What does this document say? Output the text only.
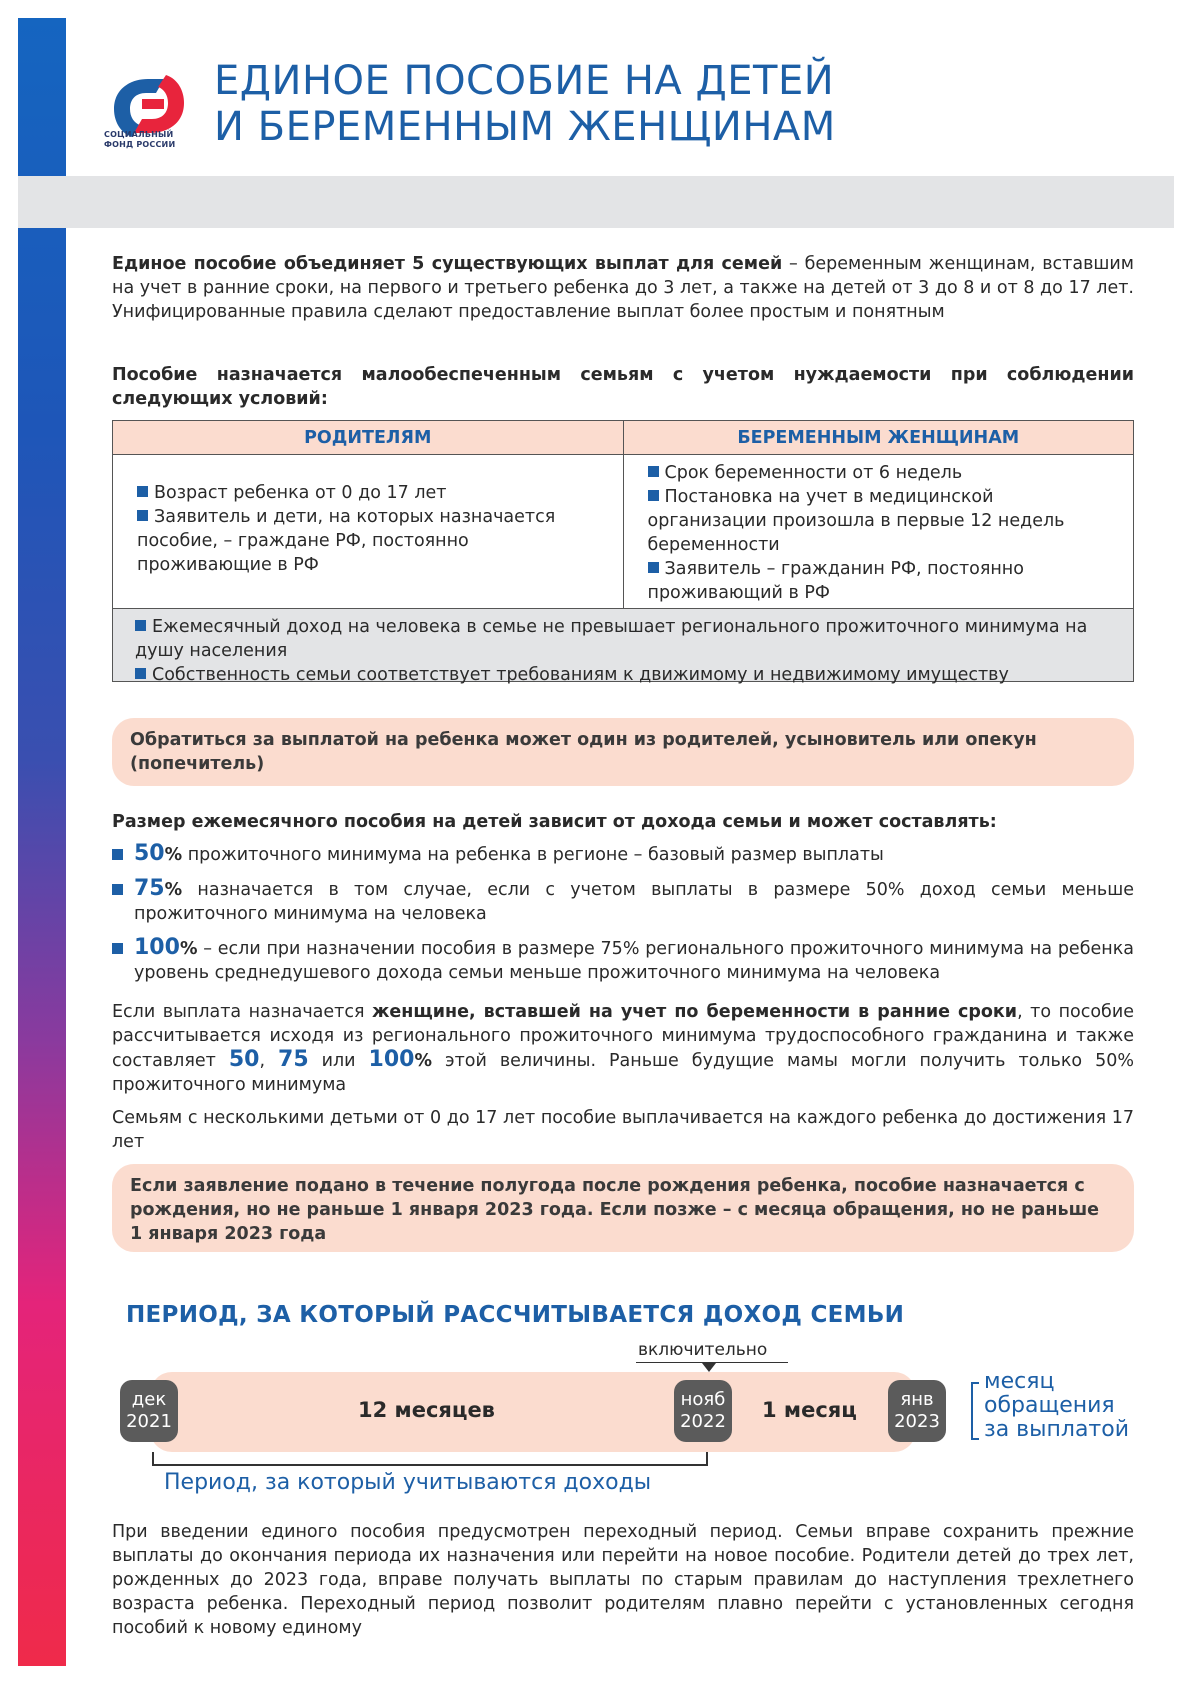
СОЦИАЛЬНЫЙ ФОНД РОССИИ
ЕДИНОЕ ПОСОБИЕ НА ДЕТЕЙ
И БЕРЕМЕННЫМ ЖЕНЩИНАМ
Единое пособие объединяет 5 существующих выплат для семей – беременным женщинам, вставшим на учет в ранние сроки, на первого и третьего ребенка до 3 лет, а также на детей от 3 до 8 и от 8 до 17 лет. Унифицированные правила сделают предоставление выплат более простым и понятным
Пособие назначается малообеспеченным семьям с учетом нуждаемости при соблюдении следующих условий:
РОДИТЕЛЯМ	БЕРЕМЕННЫМ ЖЕНЩИНАМ
Возраст ребенка от 0 до 17 лет
Заявитель и дети, на которых назначается пособие, – граждане РФ, постоянно проживающие в РФ
Срок беременности от 6 недель
Постановка на учет в медицинской организации произошла в первые 12 недель беременности
Заявитель – гражданин РФ, постоянно проживающий в РФ
Ежемесячный доход на человека в семье не превышает регионального прожиточного минимума на душу населения
Собственность семьи соответствует требованиям к движимому и недвижимому имуществу
Обратиться за выплатой на ребенка может один из родителей, усыновитель или опекун (попечитель)
Размер ежемесячного пособия на детей зависит от дохода семьи и может составлять:
50% прожиточного минимума на ребенка в регионе – базовый размер выплаты
75% назначается в том случае, если с учетом выплаты в размере 50% доход семьи меньше прожиточного минимума на человека
100% – если при назначении пособия в размере 75% регионального прожиточного минимума на ребенка уровень среднедушевого дохода семьи меньше прожиточного минимума на человека
Если выплата назначается женщине, вставшей на учет по беременности в ранние сроки, то пособие рассчитывается исходя из регионального прожиточного минимума трудоспособного гражданина и также составляет 50, 75 или 100% этой величины. Раньше будущие мамы могли получить только 50% прожиточного минимума
Семьям с несколькими детьми от 0 до 17 лет пособие выплачивается на каждого ребенка до достижения 17 лет
Если заявление подано в течение полугода после рождения ребенка, пособие назначается с рождения, но не раньше 1 января 2023 года. Если позже – с месяца обращения, но не раньше 1 января 2023 года
ПЕРИОД, ЗА КОТОРЫЙ РАССЧИТЫВАЕТСЯ ДОХОД СЕМЬИ
включительно
12 месяцев	1 месяц
дек
2021
нояб
2022
янв
2023
месяц
обращения
за выплатой
Период, за который учитываются доходы
При введении единого пособия предусмотрен переходный период. Семьи вправе сохранить прежние выплаты до окончания периода их назначения или перейти на новое пособие. Родители детей до трех лет, рожденных до 2023 года, вправе получать выплаты по старым правилам до наступления трехлетнего возраста ребенка. Переходный период позволит родителям плавно перейти с установленных сегодня пособий к новому единому
